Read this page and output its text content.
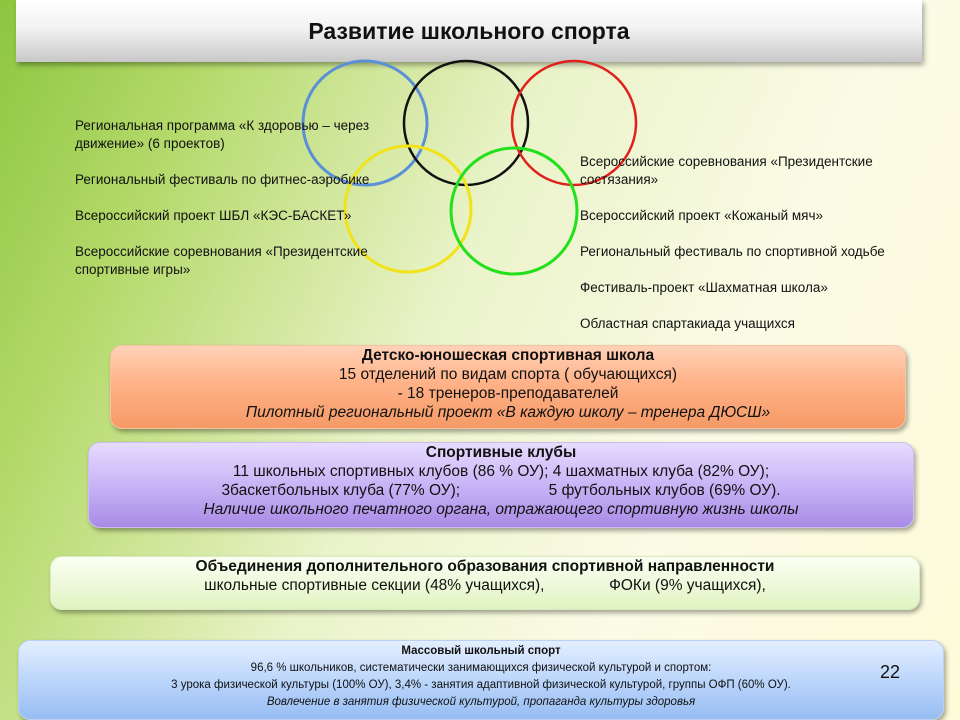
Развитие школьного спорта

Региональная программа «К здоровью – через движение» (6 проектов)

Региональный фестиваль по фитнес-аэробике

Всероссийский проект ШБЛ «КЭС-БАСКЕТ»

Всероссийские соревнования «Президентские спортивные игры»

Детско-юношеская спортивная школа
15 отделений по видам спорта ( обучающихся)
- 18 тренеров-преподавателей
Пилотный региональный проект «В каждую школу – тренера ДЮСШ»

Всероссийские соревнования «Президентские состязания»

Всероссийский проект «Кожаный мяч»

Региональный фестиваль по спортивной ходьбе

Фестиваль-проект «Шахматная школа»

Областная спартакиада учащихся

Спортивные клубы
11 школьных спортивных клубов (86 % ОУ); 4 шахматных клуба (82% ОУ);
3баскетбольных клуба (77% ОУ);	5 футбольных клубов (69% ОУ).
Наличие школьного печатного органа, отражающего спортивную жизнь школы
Объединения дополнительного образования спортивной направленности
школьные спортивные секции (48% учащихся),	ФОКи (9% учащихся),
Массовый школьный спорт
96,6 % школьников, систематически занимающихся физической культурой и спортом:
3 урока физической культуры (100% ОУ), 3,4% - занятия адаптивной физической культурой, группы ОФП (60% ОУ).
Вовлечение в занятия физической культурой, пропаганда культуры здоровья
22
